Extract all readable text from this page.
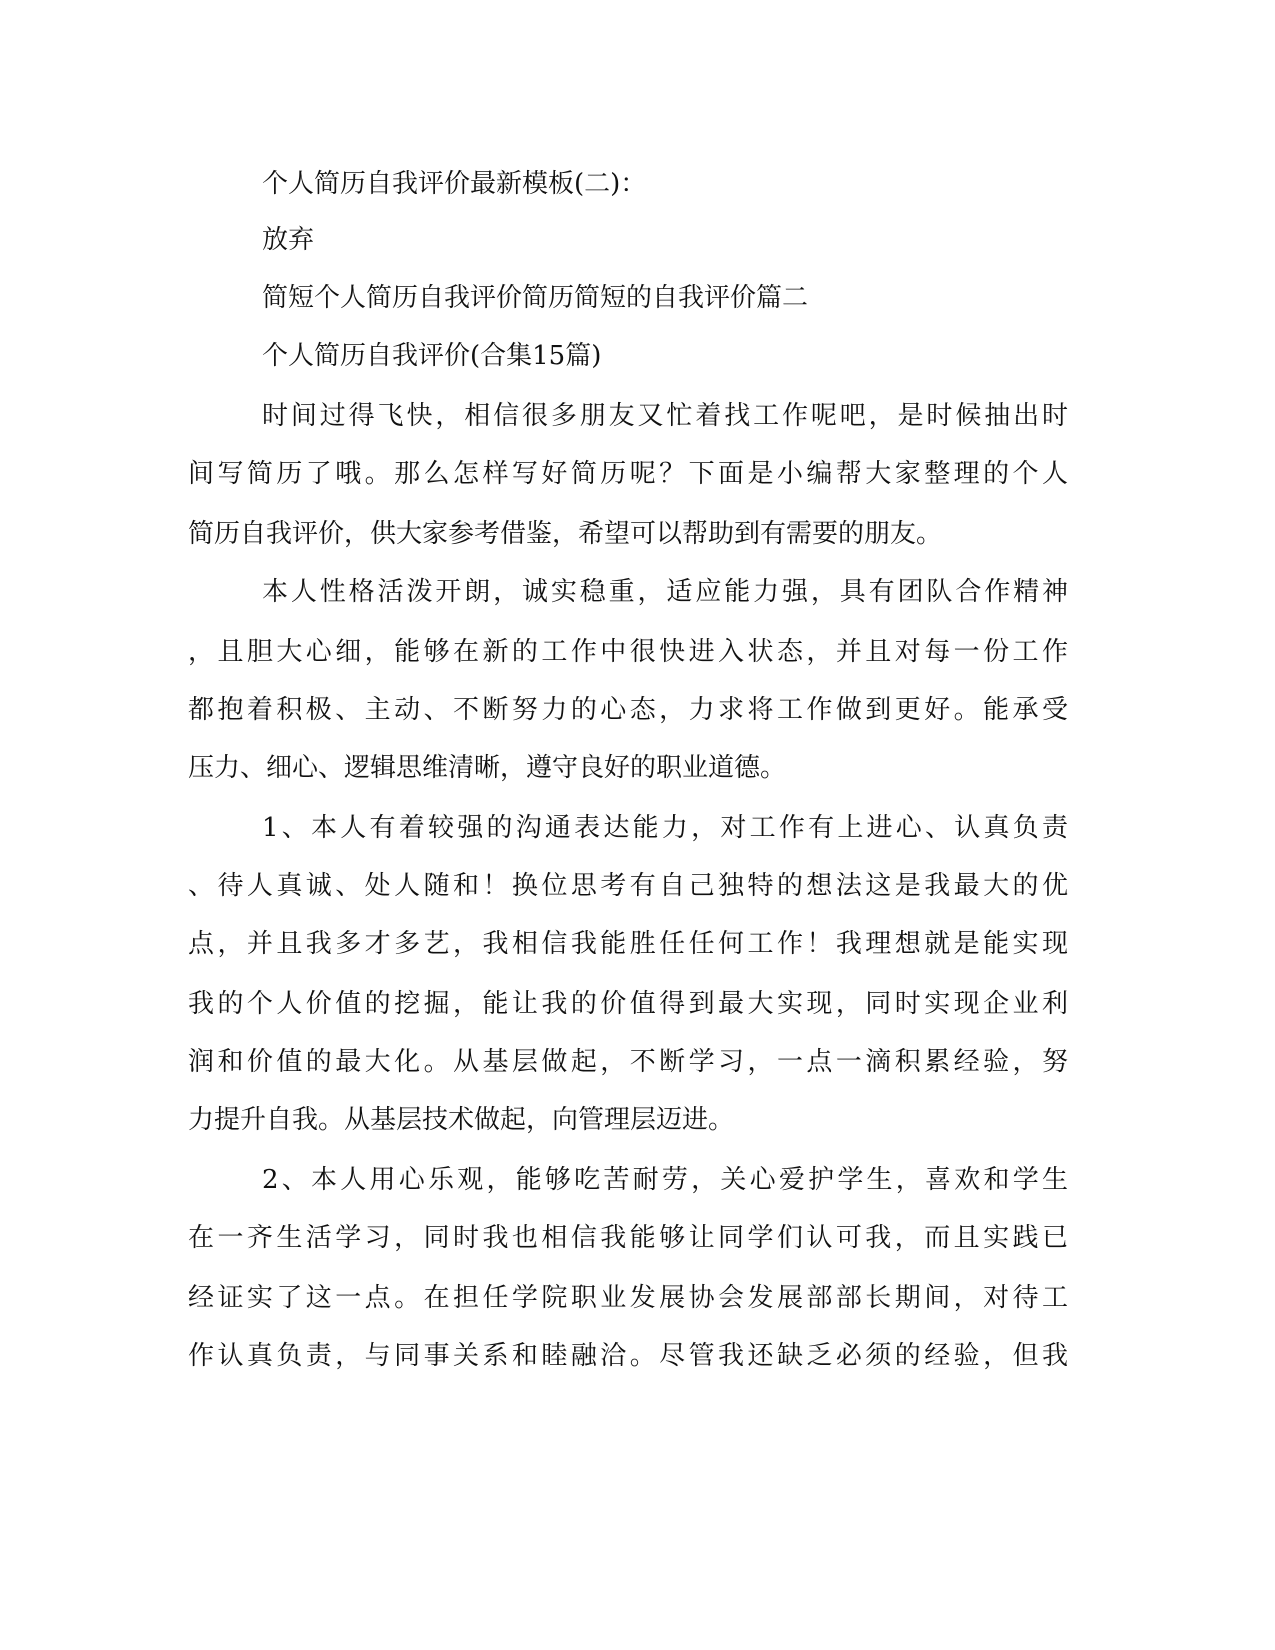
个人简历自我评价最新模板(二)：
放弃
简短个人简历自我评价简历简短的自我评价篇二
个人简历自我评价(合集15篇)
时间过得飞快，相信很多朋友又忙着找工作呢吧，是时候抽出时
间写简历了哦。那么怎样写好简历呢？下面是小编帮大家整理的个人
简历自我评价，供大家参考借鉴，希望可以帮助到有需要的朋友。
本人性格活泼开朗，诚实稳重，适应能力强，具有团队合作精神
，且胆大心细，能够在新的工作中很快进入状态，并且对每一份工作
都抱着积极、主动、不断努力的心态，力求将工作做到更好。能承受
压力、细心、逻辑思维清晰，遵守良好的职业道德。
1、本人有着较强的沟通表达能力，对工作有上进心、认真负责
、待人真诚、处人随和！换位思考有自己独特的想法这是我最大的优
点，并且我多才多艺，我相信我能胜任任何工作！我理想就是能实现
我的个人价值的挖掘，能让我的价值得到最大实现，同时实现企业利
润和价值的最大化。从基层做起，不断学习，一点一滴积累经验，努
力提升自我。从基层技术做起，向管理层迈进。
2、本人用心乐观，能够吃苦耐劳，关心爱护学生，喜欢和学生
在一齐生活学习，同时我也相信我能够让同学们认可我，而且实践已
经证实了这一点。在担任学院职业发展协会发展部部长期间，对待工
作认真负责，与同事关系和睦融洽。尽管我还缺乏必须的经验，但我
